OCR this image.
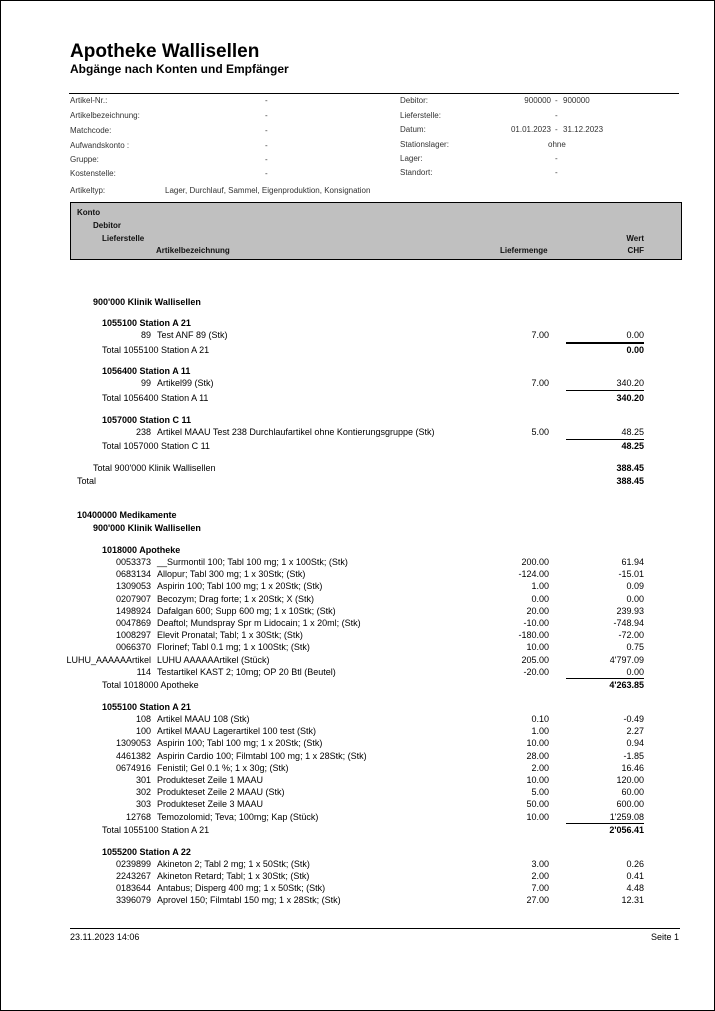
Apotheke Wallisellen
Abgänge nach Konten und Empfänger
Artikel-Nr.:	-
Artikelbezeichnung:	-
Matchcode:	-
Aufwandskonto :	-
Gruppe:	-
Kostenstelle:	-
Artikeltyp:	Lager, Durchlauf, Sammel, Eigenproduktion, Konsignation
Debitor:	900000 - 900000
Lieferstelle:	-
Datum:	01.01.2023 - 31.12.2023
Stationslager:	ohne
Lager:	-
Standort:	-
Konto
Debitor
Lieferstelle
Artikelbezeichnung	Liefermenge
Wert
CHF
900'000 Klinik Wallisellen
1055100 Station A 21
89 Test ANF 89 (Stk)	7.00	0.00
Total 1055100 Station A 21	0.00
1056400 Station A 11
99 Artikel99 (Stk)	7.00	340.20
Total 1056400 Station A 11	340.20
1057000 Station C 11
238 Artikel MAAU Test 238 Durchlaufartikel ohne Kontierungsgruppe (Stk)	5.00	48.25
Total 1057000 Station C 11	48.25
Total 900'000 Klinik Wallisellen	388.45
Total	388.45
10400000 Medikamente
900'000 Klinik Wallisellen
1018000 Apotheke
0053373 __Surmontil 100; Tabl 100 mg; 1 x 100Stk; (Stk)	200.00	61.94
0683134 Allopur; Tabl 300 mg; 1 x 30Stk; (Stk)	-124.00	-15.01
1309053 Aspirin 100; Tabl 100 mg; 1 x 20Stk; (Stk)	1.00	0.09
0207907 Becozym; Drag forte; 1 x 20Stk; X (Stk)	0.00	0.00
1498924 Dafalgan 600; Supp 600 mg; 1 x 10Stk; (Stk)	20.00	239.93
0047869 Deaftol; Mundspray Spr m Lidocain; 1 x 20ml; (Stk)	-10.00	-748.94
1008297 Elevit Pronatal; Tabl; 1 x 30Stk; (Stk)	-180.00	-72.00
0066370 Florinef; Tabl 0.1 mg; 1 x 100Stk; (Stk)	10.00	0.75
LUHU_AAAAAArtikel LUHU AAAAAArtikel (Stück)	205.00	4'797.09
114 Testartikel KAST 2; 10mg; OP 20 Btl (Beutel)	-20.00	0.00
Total 1018000 Apotheke	4'263.85
1055100 Station A 21
108 Artikel MAAU 108 (Stk)	0.10	-0.49
100 Artikel MAAU Lagerartikel 100 test (Stk)	1.00	2.27
1309053 Aspirin 100; Tabl 100 mg; 1 x 20Stk; (Stk)	10.00	0.94
4461382 Aspirin Cardio 100; Filmtabl 100 mg; 1 x 28Stk; (Stk)	28.00	-1.85
0674916 Fenistil; Gel 0.1 %; 1 x 30g; (Stk)	2.00	16.46
301 Produkteset Zeile 1 MAAU	10.00	120.00
302 Produkteset Zeile 2 MAAU (Stk)	5.00	60.00
303 Produkteset Zeile 3 MAAU	50.00	600.00
12768 Temozolomid; Teva; 100mg; Kap (Stück)	10.00	1'259.08
Total 1055100 Station A 21	2'056.41
1055200 Station A 22
0239899 Akineton 2; Tabl 2 mg; 1 x 50Stk; (Stk)	3.00	0.26
2243267 Akineton Retard; Tabl; 1 x 30Stk; (Stk)	2.00	0.41
0183644 Antabus; Disperg 400 mg; 1 x 50Stk; (Stk)	7.00	4.48
3396079 Aprovel 150; Filmtabl 150 mg; 1 x 28Stk; (Stk)	27.00	12.31
23.11.2023 14:06	Seite 1
